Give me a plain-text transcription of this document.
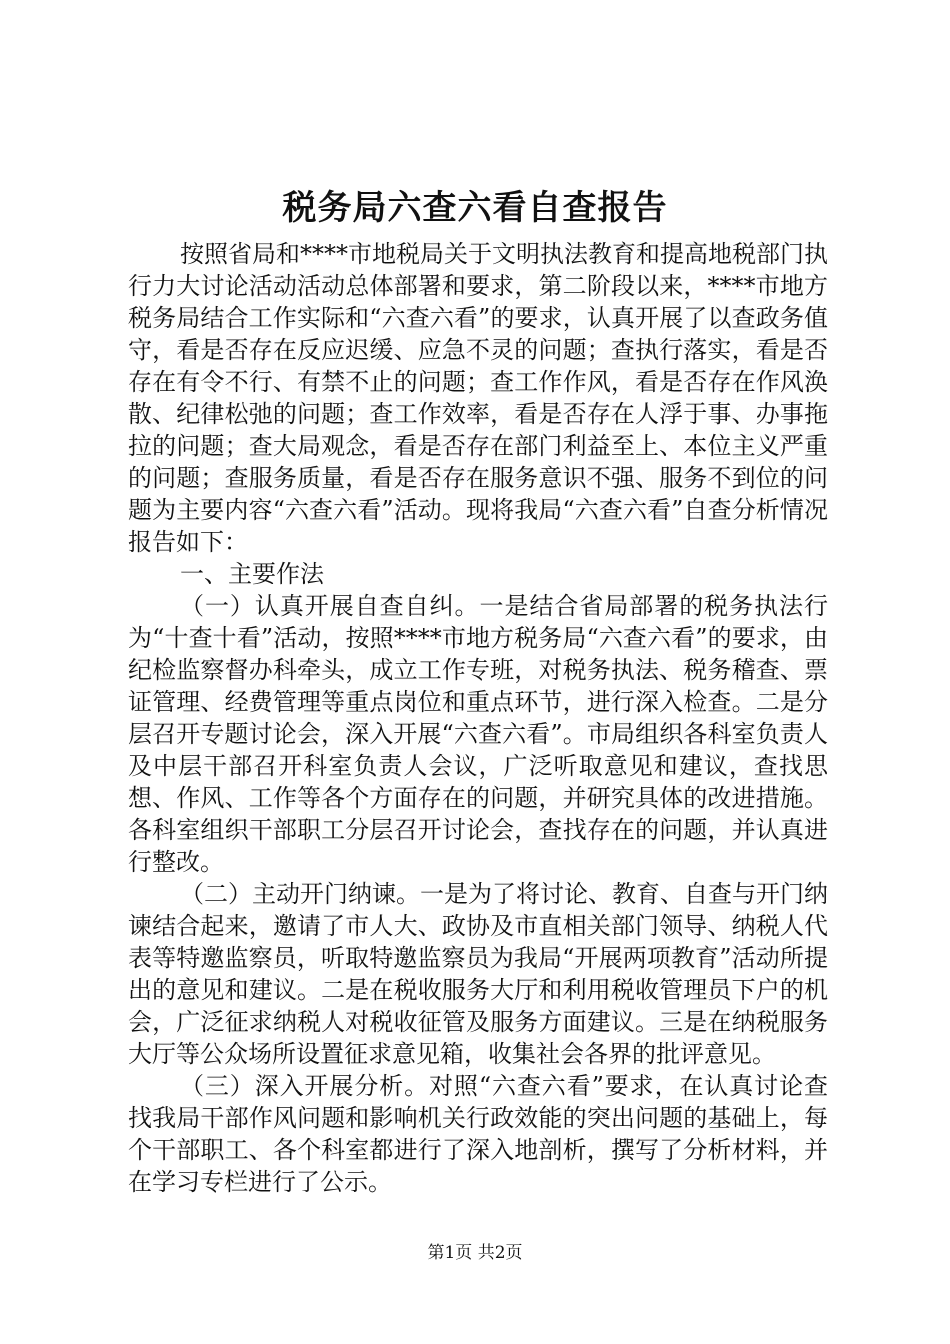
税务局六查六看自查报告

按照省局和****市地税局关于文明执法教育和提高地税部门执行力大讨论活动活动总体部署和要求，第二阶段以来，****市地方税务局结合工作实际和“六查六看”的要求，认真开展了以查政务值守，看是否存在反应迟缓、应急不灵的问题；查执行落实，看是否存在有令不行、有禁不止的问题；查工作作风，看是否存在作风涣散、纪律松弛的问题；查工作效率，看是否存在人浮于事、办事拖拉的问题；查大局观念，看是否存在部门利益至上、本位主义严重的问题；查服务质量，看是否存在服务意识不强、服务不到位的问题为主要内容“六查六看”活动。现将我局“六查六看”自查分析情况报告如下：

一、主要作法

（一）认真开展自查自纠。一是结合省局部署的税务执法行为“十查十看”活动，按照****市地方税务局“六查六看”的要求，由纪检监察督办科牵头，成立工作专班，对税务执法、税务稽查、票证管理、经费管理等重点岗位和重点环节，进行深入检查。二是分层召开专题讨论会，深入开展“六查六看”。市局组织各科室负责人及中层干部召开科室负责人会议，广泛听取意见和建议，查找思想、作风、工作等各个方面存在的问题，并研究具体的改进措施。各科室组织干部职工分层召开讨论会，查找存在的问题，并认真进行整改。

（二）主动开门纳谏。一是为了将讨论、教育、自查与开门纳谏结合起来，邀请了市人大、政协及市直相关部门领导、纳税人代表等特邀监察员，听取特邀监察员为我局“开展两项教育”活动所提出的意见和建议。二是在税收服务大厅和利用税收管理员下户的机会，广泛征求纳税人对税收征管及服务方面建议。三是在纳税服务大厅等公众场所设置征求意见箱，收集社会各界的批评意见。

（三）深入开展分析。对照“六查六看”要求，在认真讨论查找我局干部作风问题和影响机关行政效能的突出问题的基础上，每个干部职工、各个科室都进行了深入地剖析，撰写了分析材料，并在学习专栏进行了公示。

第1页 共2页
